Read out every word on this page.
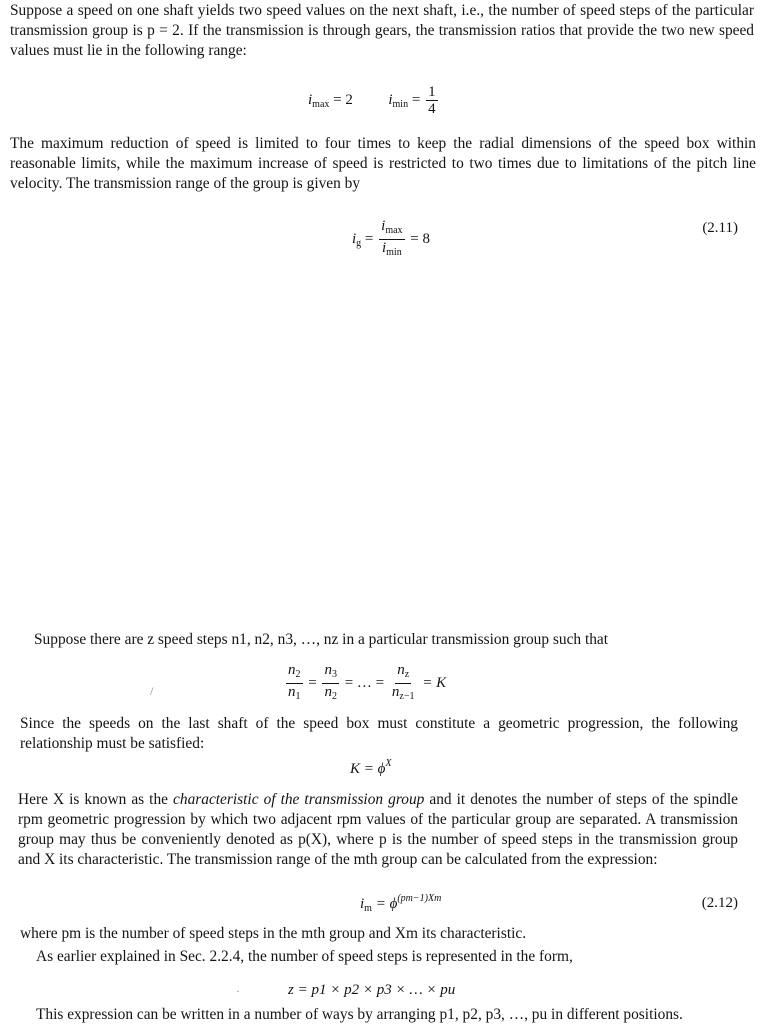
Suppose a speed on one shaft yields two speed values on the next shaft, i.e., the number of speed steps of the particular transmission group is p = 2. If the transmission is through gears, the transmission ratios that provide the two new speed values must lie in the following range:

$i_{max} = 2$ $i_{min} = \frac{1}{4}$

The maximum reduction of speed is limited to four times to keep the radial dimensions of the speed box within reasonable limits, while the maximum increase of speed is restricted to two times due to limitations of the pitch line velocity. The transmission range of the group is given by

$i_g = \frac{i_{max}}{i_{min}} = 8$
(2.11)

Suppose there are z speed steps n1, n2, n3, …, nz in a particular transmission group such that

$\frac{n_2}{n_1} = \frac{n_3}{n_2}$ = … = $\frac{n_z}{n_{z-1}} = K$
/

Since the speeds on the last shaft of the speed box must constitute a geometric progression, the following relationship must be satisfied:

$K = \phi^X$

Here X is known as the characteristic of the transmission group and it denotes the number of steps of the spindle rpm geometric progression by which two adjacent rpm values of the particular group are separated. A transmission group may thus be conveniently denoted as p(X), where p is the number of speed steps in the transmission group and X its characteristic. The transmission range of the mth group can be calculated from the expression:

$i_m = \phi^{(pm-1)Xm}$	(2.12)

where pm is the number of speed steps in the mth group and Xm its characteristic.

As earlier explained in Sec. 2.2.4, the number of speed steps is represented in the form,

z = p1 × p2 × p3 × … × pu
·

This expression can be written in a number of ways by arranging p1, p2, p3, …, pu in different positions.
